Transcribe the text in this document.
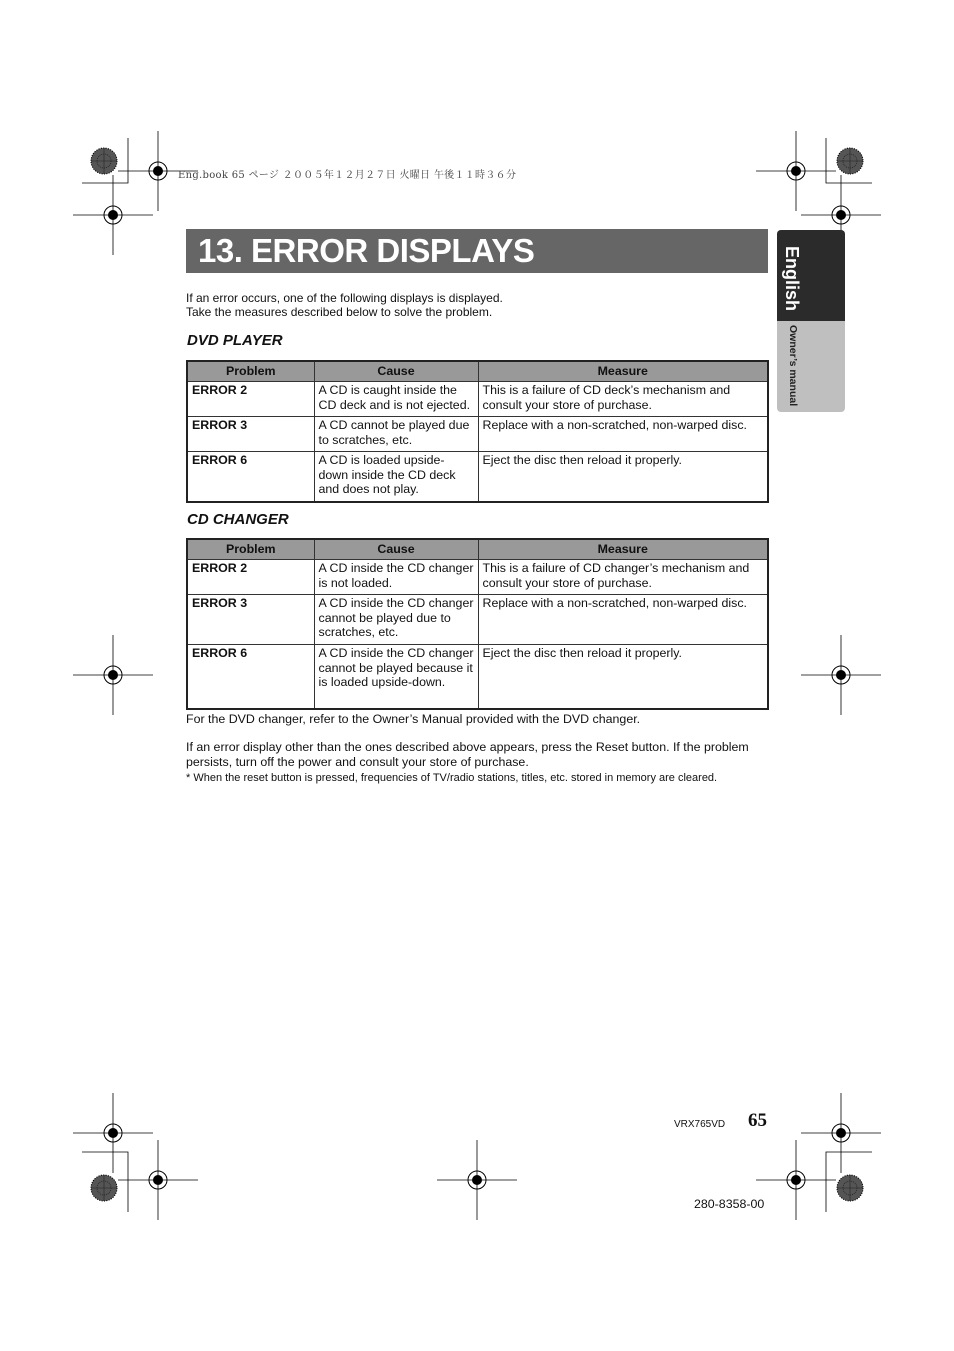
Eng.book 65 ページ ２００５年１２月２７日 火曜日 午後１１時３６分
13. ERROR DISPLAYS	English
Owner’s manual
If an error occurs, one of the following displays is displayed.
Take the measures described below to solve the problem.
DVD PLAYER
Problem	Cause	Measure
ERROR 2	A CD is caught inside the CD deck and is not ejected.	This is a failure of CD deck’s mechanism and consult your store of purchase.
ERROR 3	A CD cannot be played due to scratches, etc.	Replace with a non-scratched, non-warped disc.
ERROR 6	A CD is loaded upside-down inside the CD deck and does not play.	Eject the disc then reload it properly.
CD CHANGER
Problem	Cause	Measure
ERROR 2	A CD inside the CD changer is not loaded.	This is a failure of CD changer’s mechanism and consult your store of purchase.
ERROR 3	A CD inside the CD changer cannot be played due to scratches, etc.	Replace with a non-scratched, non-warped disc.
ERROR 6	A CD inside the CD changer cannot be played because it is loaded upside-down.	Eject the disc then reload it properly.
For the DVD changer, refer to the Owner’s Manual provided with the DVD changer.
If an error display other than the ones described above appears, press the Reset button. If the problem persists, turn off the power and consult your store of purchase.
* When the reset button is pressed, frequencies of TV/radio stations, titles, etc. stored in memory are cleared.
VRX765VD 65
280-8358-00
